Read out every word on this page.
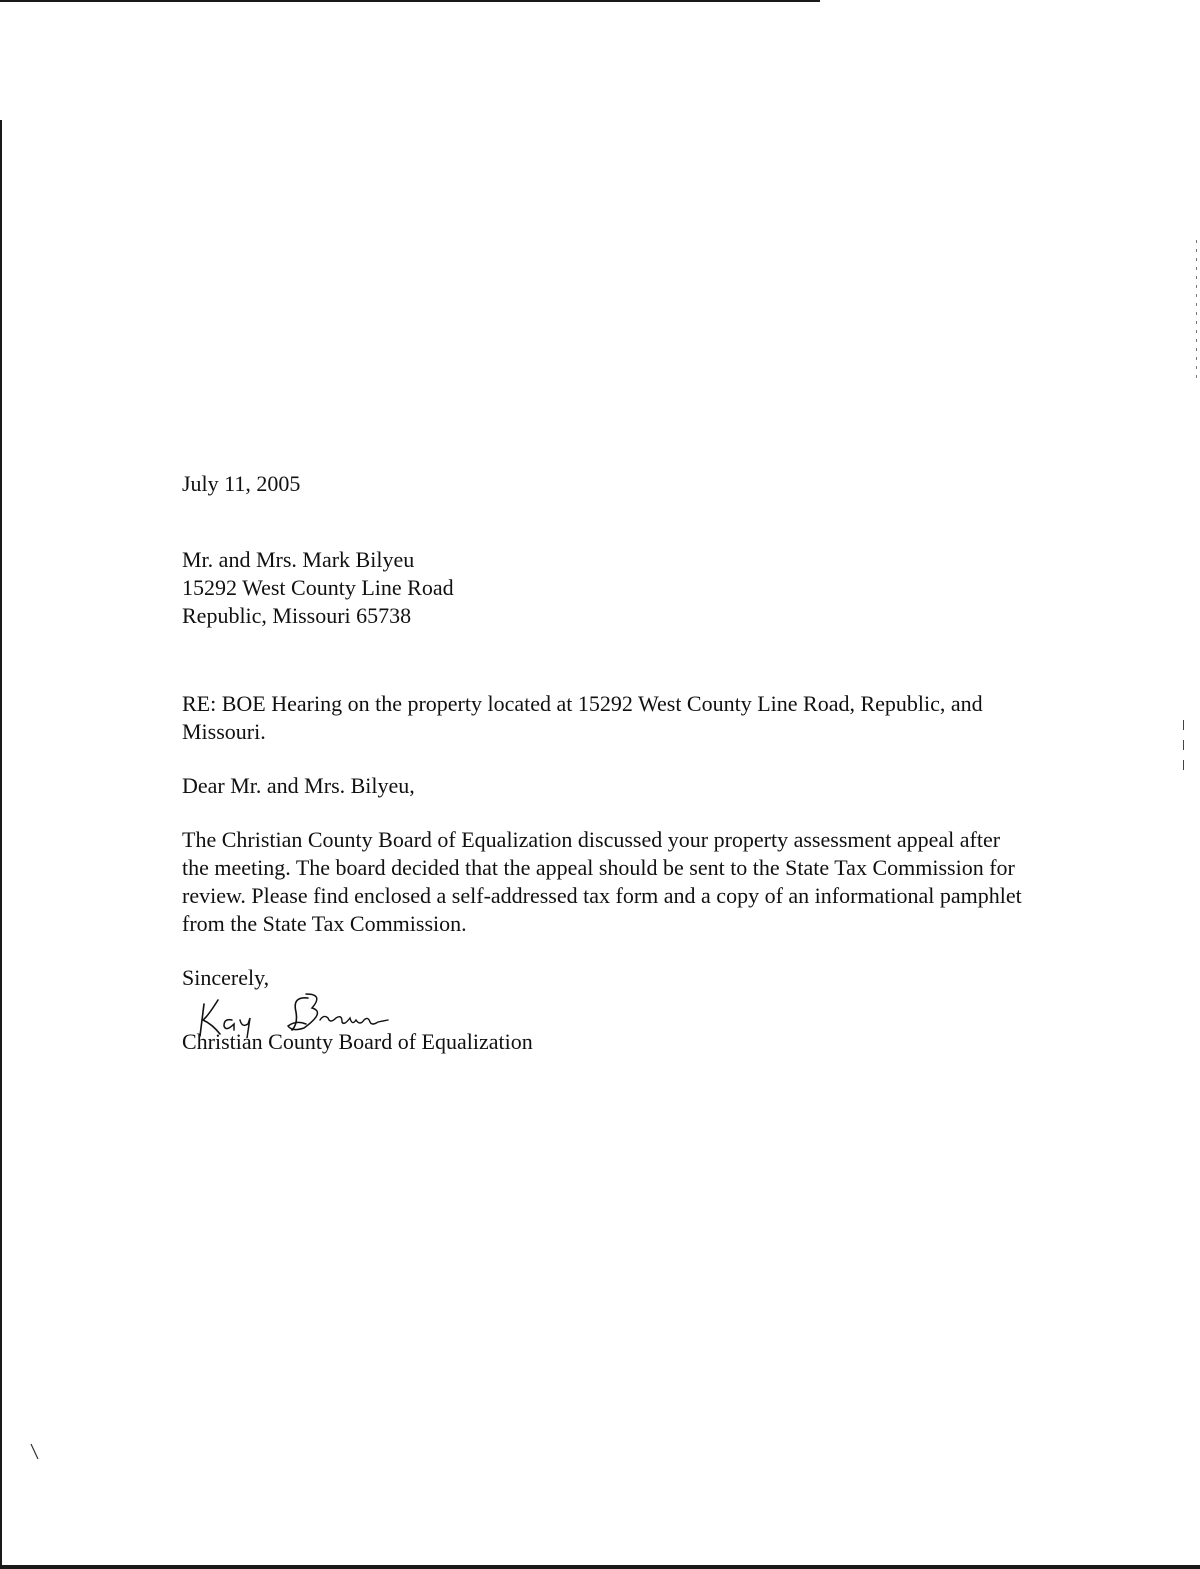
July 11, 2005

Mr. and Mrs. Mark Bilyeu
15292 West County Line Road
Republic, Missouri 65738

RE: BOE Hearing on the property located at 15292 West County Line Road, Republic, and Missouri.

Dear Mr. and Mrs. Bilyeu,

The Christian County Board of Equalization discussed your property assessment appeal after the meeting. The board decided that the appeal should be sent to the State Tax Commission for review. Please find enclosed a self-addressed tax form and a copy of an informational pamphlet from the State Tax Commission.

Sincerely,

Christian County Board of Equalization
